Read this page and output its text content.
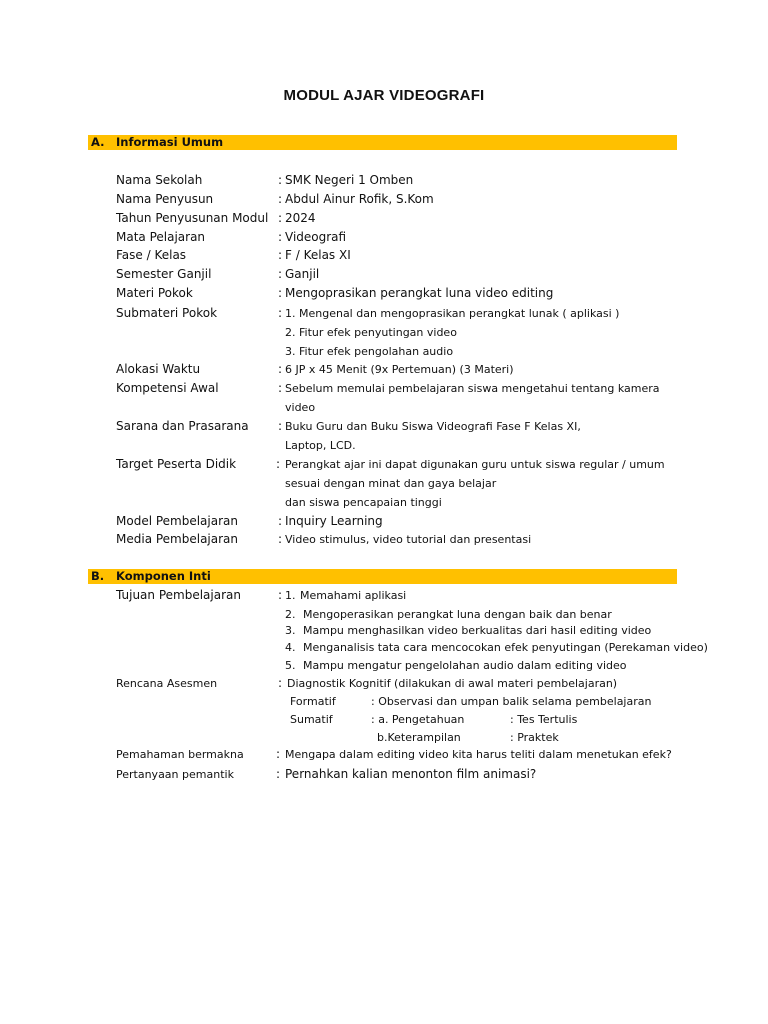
MODUL AJAR VIDEOGRAFI
A. Informasi Umum
Nama Sekolah	: SMK Negeri 1 Omben
Nama Penyusun	: Abdul Ainur Rofik, S.Kom
Tahun Penyusunan Modul : 2024
Mata Pelajaran	: Videografi
Fase / Kelas	: F / Kelas XI
Semester Ganjil	: Ganjil
Materi Pokok	: Mengoprasikan perangkat luna video editing
Submateri Pokok	: 1. Mengenal dan mengoprasikan perangkat lunak ( aplikasi )
2. Fitur efek penyutingan video
3. Fitur efek pengolahan audio
Alokasi Waktu	: 6 JP x 45 Menit (9x Pertemuan) (3 Materi)
Kompetensi Awal	: Sebelum memulai pembelajaran siswa mengetahui tentang kamera
video
Sarana dan Prasarana : Buku Guru dan Buku Siswa Videografi Fase F Kelas XI,
Laptop, LCD.
Target Peserta Didik	: Perangkat ajar ini dapat digunakan guru untuk siswa regular / umum
sesuai dengan minat dan gaya belajar
dan siswa pencapaian tinggi
Model Pembelajaran	: Inquiry Learning
Media Pembelajaran	: Video stimulus, video tutorial dan presentasi
B. Komponen Inti
Tujuan Pembelajaran	: 1. Memahami aplikasi
2. Mengoperasikan perangkat luna dengan baik dan benar
3. Mampu menghasilkan video berkualitas dari hasil editing video
4. Menganalisis tata cara mencocokan efek penyutingan (Perekaman video)
5. Mampu mengatur pengelolahan audio dalam editing video
Rencana Asesmen	: Diagnostik Kognitif (dilakukan di awal materi pembelajaran)
Formatif	: Observasi dan umpan balik selama pembelajaran
Sumatif	: a. Pengetahuan	: Tes Tertulis
b.Keterampilan	: Praktek
Pemahaman bermakna	: Mengapa dalam editing video kita harus teliti dalam menetukan efek?
Pertanyaan pemantik	: Pernahkan kalian menonton film animasi?
